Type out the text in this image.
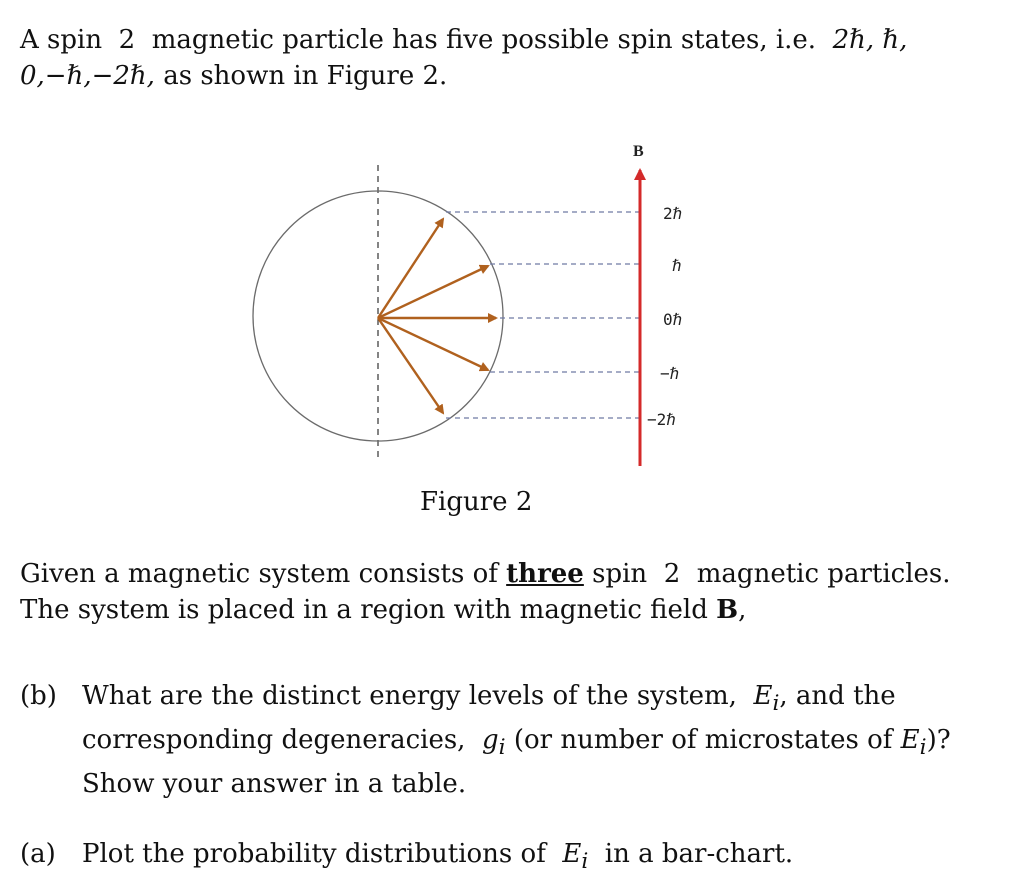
A spin 2 magnetic particle has five possible spin states, i.e. 2ℏ, ℏ,
0,−ℏ,−2ℏ, as shown in Figure 2.

B
2ℏ
ℏ
0ℏ
−ℏ
−2ℏ
Figure 2

Given a magnetic system consists of three spin 2 magnetic particles.
The system is placed in a region with magnetic field B,

(b) What are the distinct energy levels of the system, $E_i$, and the
corresponding degeneracies, $g_i$ (or number of microstates of $E_i$)?
Show your answer in a table.

(a) Plot the probability distributions of $E_i$ in a bar-chart.
